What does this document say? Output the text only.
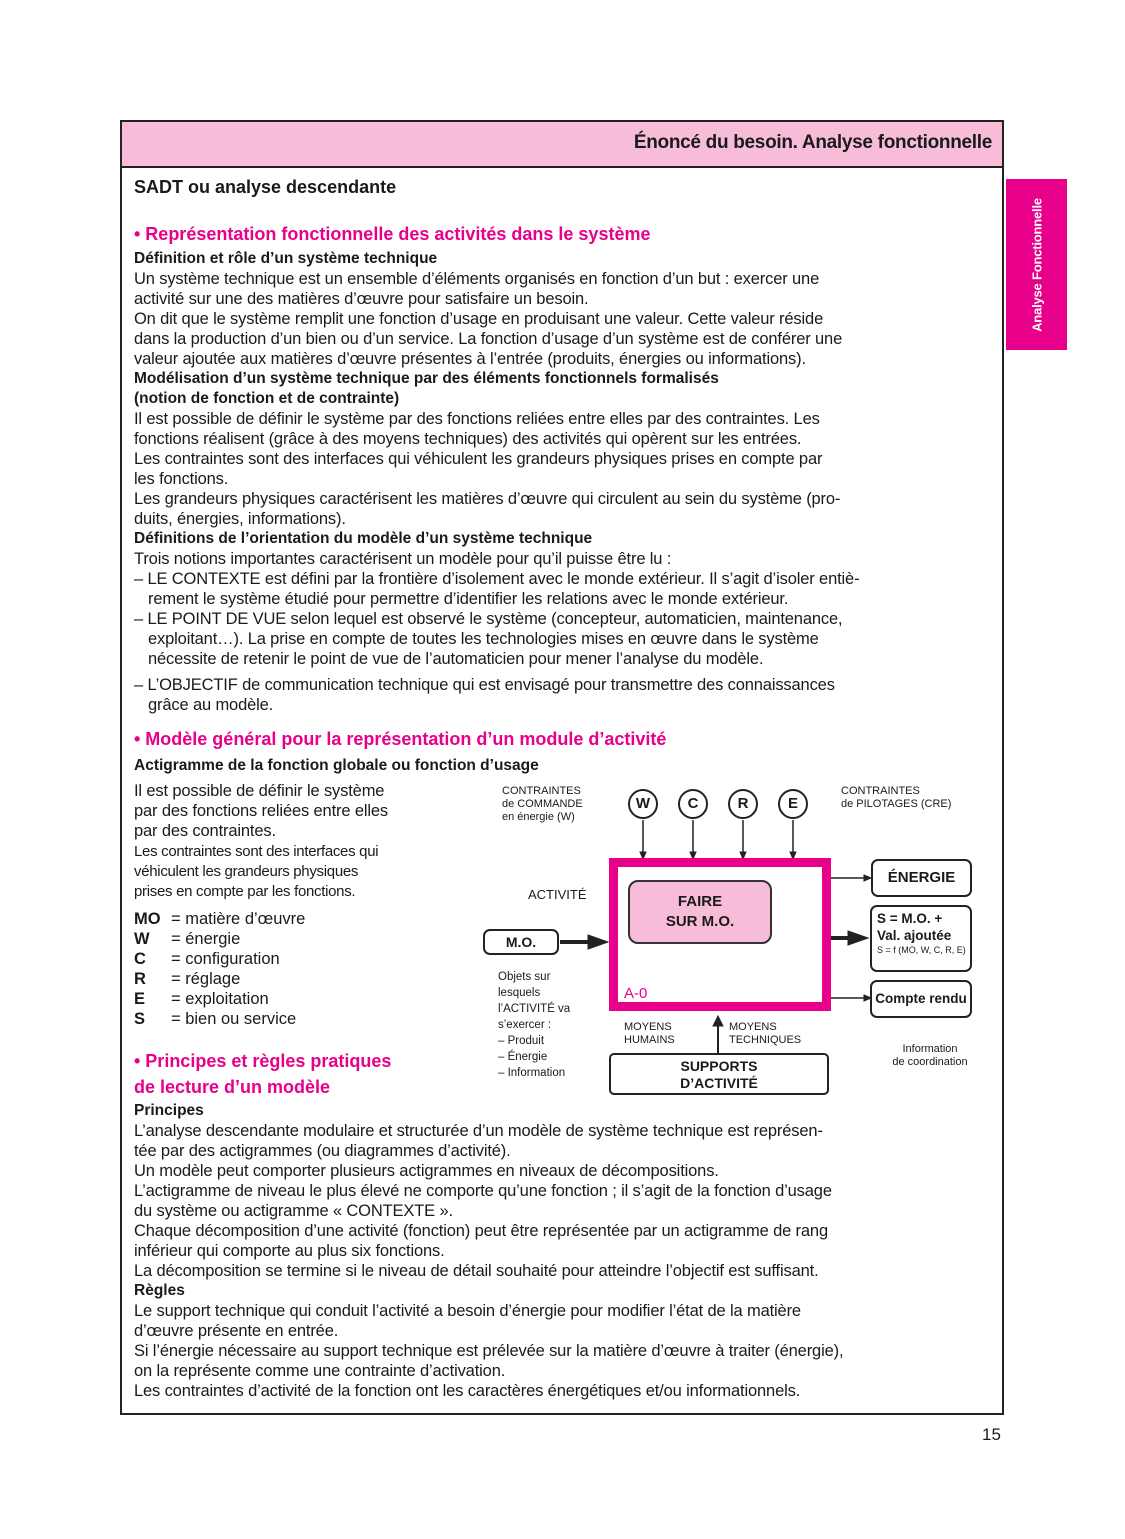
Énoncé du besoin. Analyse fonctionnelle
Analyse Fonctionnelle
SADT ou analyse descendante
• Représentation fonctionnelle des activités dans le système
Définition et rôle d’un système technique
Un système technique est un ensemble d’éléments organisés en fonction d’un but : exercer une
activité sur une des matières d’œuvre pour satisfaire un besoin.
On dit que le système remplit une fonction d’usage en produisant une valeur. Cette valeur réside
dans la production d’un bien ou d’un service. La fonction d’usage d’un système est de conférer une
valeur ajoutée aux matières d’œuvre présentes à l’entrée (produits, énergies ou informations).
Modélisation d’un système technique par des éléments fonctionnels formalisés
(notion de fonction et de contrainte)
Il est possible de définir le système par des fonctions reliées entre elles par des contraintes. Les
fonctions réalisent (grâce à des moyens techniques) des activités qui opèrent sur les entrées.
Les contraintes sont des interfaces qui véhiculent les grandeurs physiques prises en compte par
les fonctions.
Les grandeurs physiques caractérisent les matières d’œuvre qui circulent au sein du système (pro-
duits, énergies, informations).
Définitions de l’orientation du modèle d’un système technique
Trois notions importantes caractérisent un modèle pour qu’il puisse être lu :
– LE CONTEXTE est défini par la frontière d’isolement avec le monde extérieur. Il s’agit d’isoler entiè-
rement le système étudié pour permettre d’identifier les relations avec le monde extérieur.
– LE POINT DE VUE selon lequel est observé le système (concepteur, automaticien, maintenance,
exploitant…). La prise en compte de toutes les technologies mises en œuvre dans le système
nécessite de retenir le point de vue de l’automaticien pour mener l’analyse du modèle.
– L’OBJECTIF de communication technique qui est envisagé pour transmettre des connaissances
grâce au modèle.
• Modèle général pour la représentation d’un module d’activité
Actigramme de la fonction globale ou fonction d’usage
Il est possible de définir le système
par des fonctions reliées entre elles
par des contraintes.
Les contraintes sont des interfaces qui
véhiculent les grandeurs physiques
prises en compte par les fonctions.
MO = matière d’œuvre
W = énergie
C = configuration
R = réglage
E = exploitation
S = bien ou service
CONTRAINTES
de COMMANDE
en énergie (W)
CONTRAINTES
de PILOTAGES (CRE)
W	C	R	E
ACTIVITÉ	FAIRE
SUR M.O.
A-0
M.O.
Objets sur
lesquels
l’ACTIVITÉ va
s’exercer :
– Produit
– Énergie
– Information
MOYENS
HUMAINS
MOYENS
TECHNIQUES
SUPPORTS
D’ACTIVITÉ
ÉNERGIE
S = M.O. +
Val. ajoutée
S = f (MO, W, C, R, E)
Compte rendu
Information
de coordination
• Principes et règles pratiques
de lecture d’un modèle
Principes
L’analyse descendante modulaire et structurée d’un modèle de système technique est représen-
tée par des actigrammes (ou diagrammes d’activité).
Un modèle peut comporter plusieurs actigrammes en niveaux de décompositions.
L’actigramme de niveau le plus élevé ne comporte qu’une fonction ; il s’agit de la fonction d’usage
du système ou actigramme « CONTEXTE ».
Chaque décomposition d’une activité (fonction) peut être représentée par un actigramme de rang
inférieur qui comporte au plus six fonctions.
La décomposition se termine si le niveau de détail souhaité pour atteindre l’objectif est suffisant.
Règles
Le support technique qui conduit l’activité a besoin d’énergie pour modifier l’état de la matière
d’œuvre présente en entrée.
Si l’énergie nécessaire au support technique est prélevée sur la matière d’œuvre à traiter (énergie),
on la représente comme une contrainte d’activation.
Les contraintes d’activité de la fonction ont les caractères énergétiques et/ou informationnels.
15
